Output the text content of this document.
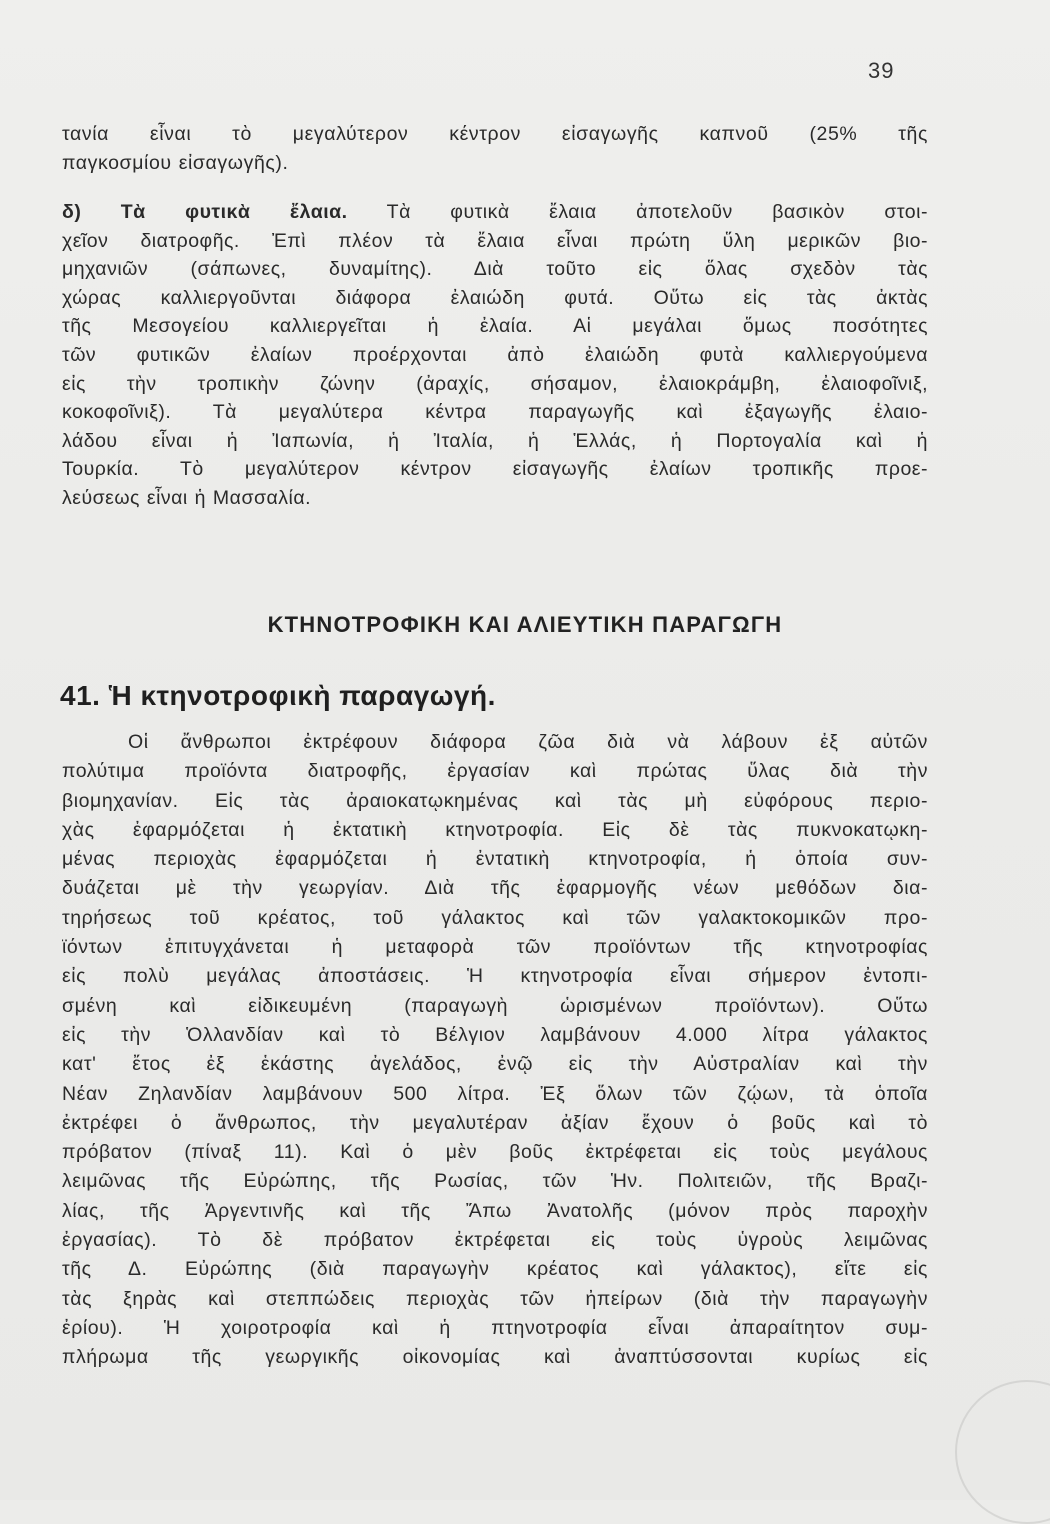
39
τανία εἶναι τὸ μεγαλύτερον κέντρον εἰσαγωγῆς καπνοῦ (25% τῆς
παγκοσμίου εἰσαγωγῆς).
δ) Τὰ φυτικὰ ἔλαια. Τὰ φυτικὰ ἔλαια ἀποτελοῦν βασικὸν στοι-
χεῖον διατροφῆς. Ἐπὶ πλέον τὰ ἔλαια εἶναι πρώτη ὕλη μερικῶν βιο-
μηχανιῶν (σάπωνες, δυναμίτης). Διὰ τοῦτο εἰς ὅλας σχεδὸν τὰς
χώρας καλλιεργοῦνται διάφορα ἐλαιώδη φυτά. Οὕτω εἰς τὰς ἀκτὰς
τῆς Μεσογείου καλλιεργεῖται ἡ ἐλαία. Αἱ μεγάλαι ὅμως ποσότητες
τῶν φυτικῶν ἐλαίων προέρχονται ἀπὸ ἐλαιώδη φυτὰ καλλιεργούμενα
εἰς τὴν τροπικὴν ζώνην (ἀραχίς, σήσαμον, ἐλαιοκράμβη, ἐλαιοφοῖνιξ,
κοκοφοῖνιξ). Τὰ μεγαλύτερα κέντρα παραγωγῆς καὶ ἐξαγωγῆς ἐλαιο-
λάδου εἶναι ἡ Ἰαπωνία, ἡ Ἰταλία, ἡ Ἑλλάς, ἡ Πορτογαλία καὶ ἡ
Τουρκία. Τὸ μεγαλύτερον κέντρον εἰσαγωγῆς ἐλαίων τροπικῆς προε-
λεύσεως εἶναι ἡ Μασσαλία.
ΚΤΗΝΟΤΡΟΦΙΚΗ ΚΑΙ ΑΛΙΕΥΤΙΚΗ ΠΑΡΑΓΩΓΗ
41. Ἡ κτηνοτροφικὴ παραγωγή.
Οἱ ἄνθρωποι ἐκτρέφουν διάφορα ζῶα διὰ νὰ λάβουν ἐξ αὐτῶν
πολύτιμα προϊόντα διατροφῆς, ἐργασίαν καὶ πρώτας ὕλας διὰ τὴν
βιομηχανίαν. Εἰς τὰς ἀραιοκατῳκημένας καὶ τὰς μὴ εὐφόρους περιο-
χὰς ἐφαρμόζεται ἡ ἐκτατικὴ κτηνοτροφία. Εἰς δὲ τὰς πυκνοκατῳκη-
μένας περιοχὰς ἐφαρμόζεται ἡ ἐντατικὴ κτηνοτροφία, ἡ ὁποία συν-
δυάζεται μὲ τὴν γεωργίαν. Διὰ τῆς ἐφαρμογῆς νέων μεθόδων δια-
τηρήσεως τοῦ κρέατος, τοῦ γάλακτος καὶ τῶν γαλακτοκομικῶν προ-
ϊόντων ἐπιτυγχάνεται ἡ μεταφορὰ τῶν προϊόντων τῆς κτηνοτροφίας
εἰς πολὺ μεγάλας ἀποστάσεις. Ἡ κτηνοτροφία εἶναι σήμερον ἐντοπι-
σμένη καὶ εἰδικευμένη (παραγωγὴ ὡρισμένων προϊόντων). Οὕτω
εἰς τὴν Ὁλλανδίαν καὶ τὸ Βέλγιον λαμβάνουν 4.000 λίτρα γάλακτος
κατ' ἔτος ἐξ ἑκάστης ἀγελάδος, ἐνῷ εἰς τὴν Αὐστραλίαν καὶ τὴν
Νέαν Ζηλανδίαν λαμβάνουν 500 λίτρα. Ἐξ ὅλων τῶν ζῴων, τὰ ὁποῖα
ἐκτρέφει ὁ ἄνθρωπος, τὴν μεγαλυτέραν ἀξίαν ἔχουν ὁ βοῦς καὶ τὸ
πρόβατον (πίναξ 11). Καὶ ὁ μὲν βοῦς ἐκτρέφεται εἰς τοὺς μεγάλους
λειμῶνας τῆς Εὐρώπης, τῆς Ρωσίας, τῶν Ἡν. Πολιτειῶν, τῆς Βραζι-
λίας, τῆς Ἀργεντινῆς καὶ τῆς Ἄπω Ἀνατολῆς (μόνον πρὸς παροχὴν
ἐργασίας). Τὸ δὲ πρόβατον ἐκτρέφεται εἰς τοὺς ὑγροὺς λειμῶνας
τῆς Δ. Εὐρώπης (διὰ παραγωγὴν κρέατος καὶ γάλακτος), εἴτε εἰς
τὰς ξηρὰς καὶ στεππώδεις περιοχὰς τῶν ἠπείρων (διὰ τὴν παραγωγὴν
ἐρίου). Ἡ χοιροτροφία καὶ ἡ πτηνοτροφία εἶναι ἀπαραίτητον συμ-
πλήρωμα τῆς γεωργικῆς οἰκονομίας καὶ ἀναπτύσσονται κυρίως εἰς
